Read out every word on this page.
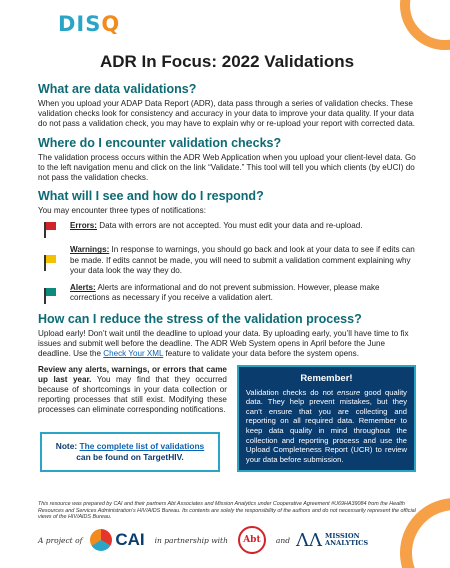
DISQ
ADR In Focus: 2022 Validations
What are data validations?

When you upload your ADAP Data Report (ADR), data pass through a series of validation checks. These validation checks look for consistency and accuracy in your data to improve your data quality. If your data do not pass a validation check, you may have to explain why or re-upload your report with corrected data.

Where do I encounter validation checks?

The validation process occurs within the ADR Web Application when you upload your client-level data. Go to the left navigation menu and click on the link “Validate.” This tool will tell you which clients (by eUCI) do not pass the validation checks.

What will I see and how do I respond?

You may encounter three types of notifications:

Errors: Data with errors are not accepted. You must edit your data and re-upload.

Warnings: In response to warnings, you should go back and look at your data to see if edits can be made. If edits cannot be made, you will need to submit a validation comment explaining why your data look the way they do.

Alerts: Alerts are informational and do not prevent submission. However, please make corrections as necessary if you receive a validation alert.

How can I reduce the stress of the validation process?

Upload early! Don’t wait until the deadline to upload your data. By uploading early, you’ll have time to fix issues and submit well before the deadline. The ADR Web System opens in April before the June deadline. Use the Check Your XML feature to validate your data before the system opens.

Review any alerts, warnings, or errors that came up last year. You may find that they occurred because of shortcomings in your data collection or reporting processes that still exist. Modifying these processes can eliminate corresponding notifications.

Note: The complete list of validations
can be found on TargetHIV.
Remember!

Validation checks do not ensure good quality data. They help prevent mistakes, but they can’t ensure that you are collecting and reporting on all required data. Remember to keep data quality in mind throughout the collection and reporting process and use the Upload Completeness Report (UCR) to review your data before submission.

This resource was prepared by CAI and their partners Abt Associates and Mission Analytics under Cooperative Agreement #U69HA39084 from the Health Resources and Services Administration’s HIV/AIDS Bureau. Its contents are solely the responsibility of the authors and do not necessarily represent the official views of the HIV/AIDS Bureau.

A project of CAI in partnership with	Abt	and ΛΛ MISSION
ANALYTICS
